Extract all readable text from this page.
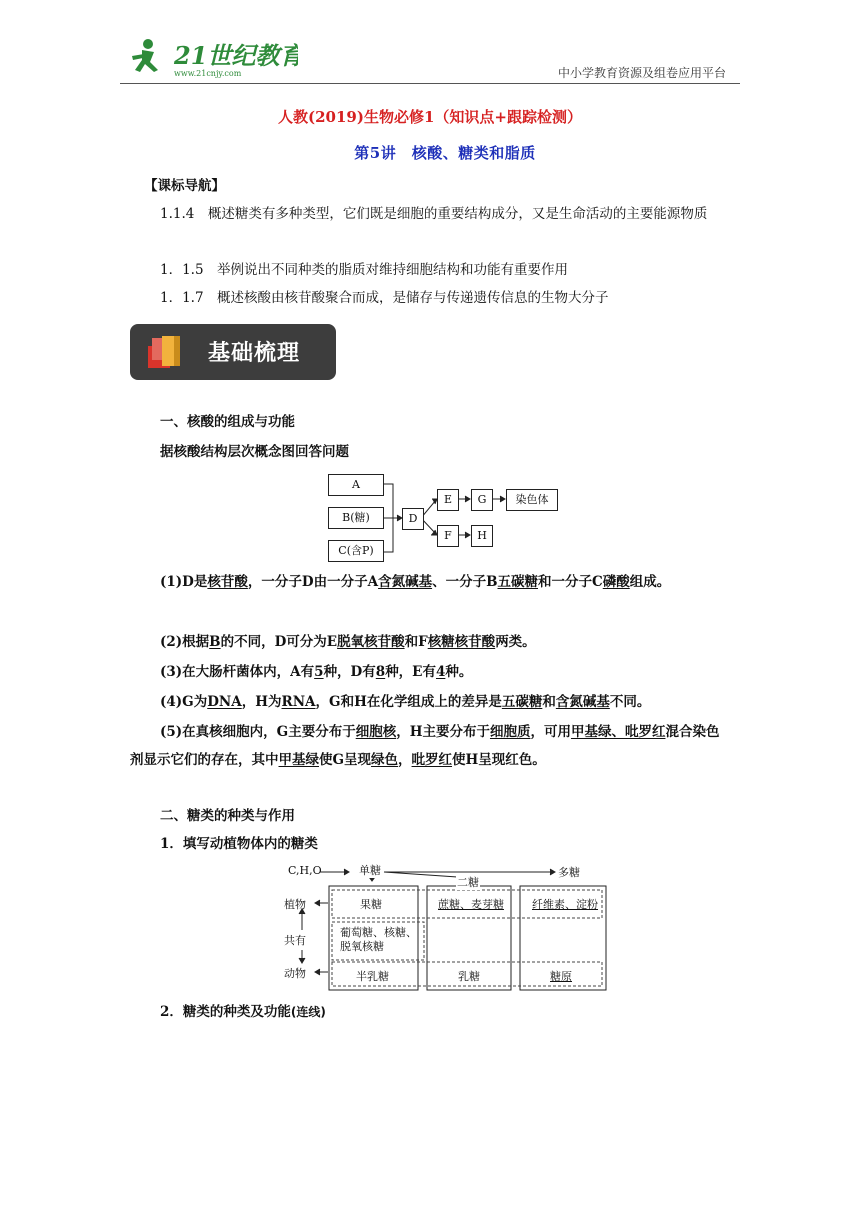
21世纪教育
www.21cnjy.com	中小学教育资源及组卷应用平台
人教(2019)生物必修1（知识点+跟踪检测）
第5讲　核酸、糖类和脂质
【课标导航】
1.1.4　概述糖类有多种类型，它们既是细胞的重要结构成分，又是生命活动的主要能源物质
1．1.5　举例说出不同种类的脂质对维持细胞结构和功能有重要作用
1．1.7　概述核酸由核苷酸聚合而成，是储存与传递遗传信息的生物大分子
基础梳理
一、核酸的组成与功能
据核酸结构层次概念图回答问题
A
B(糖)
C(含P)
D
E
F
G
H
染色体
(1)D是核苷酸，一分子D由一分子A含氮碱基、一分子B五碳糖和一分子C磷酸组成。
(2)根据B的不同，D可分为E脱氧核苷酸和F核糖核苷酸两类。
(3)在大肠杆菌体内，A有5种，D有8种，E有4种。
(4)G为DNA，H为RNA，G和H在化学组成上的差异是五碳糖和含氮碱基不同。
(5)在真核细胞内，G主要分布于细胞核，H主要分布于细胞质，可用甲基绿、吡罗红混合染色剂显示它们的存在，其中甲基绿使G呈现绿色，吡罗红使H呈现红色。
二、糖类的种类与作用
1．填写动植物体内的糖类
C,H,O	单糖
二糖
多糖
植物
共有
动物
果糖	蔗糖、麦芽糖	纤维素、淀粉
葡萄糖、核糖、
脱氧核糖
半乳糖	乳糖	糖原
2．糖类的种类及功能(连线)
